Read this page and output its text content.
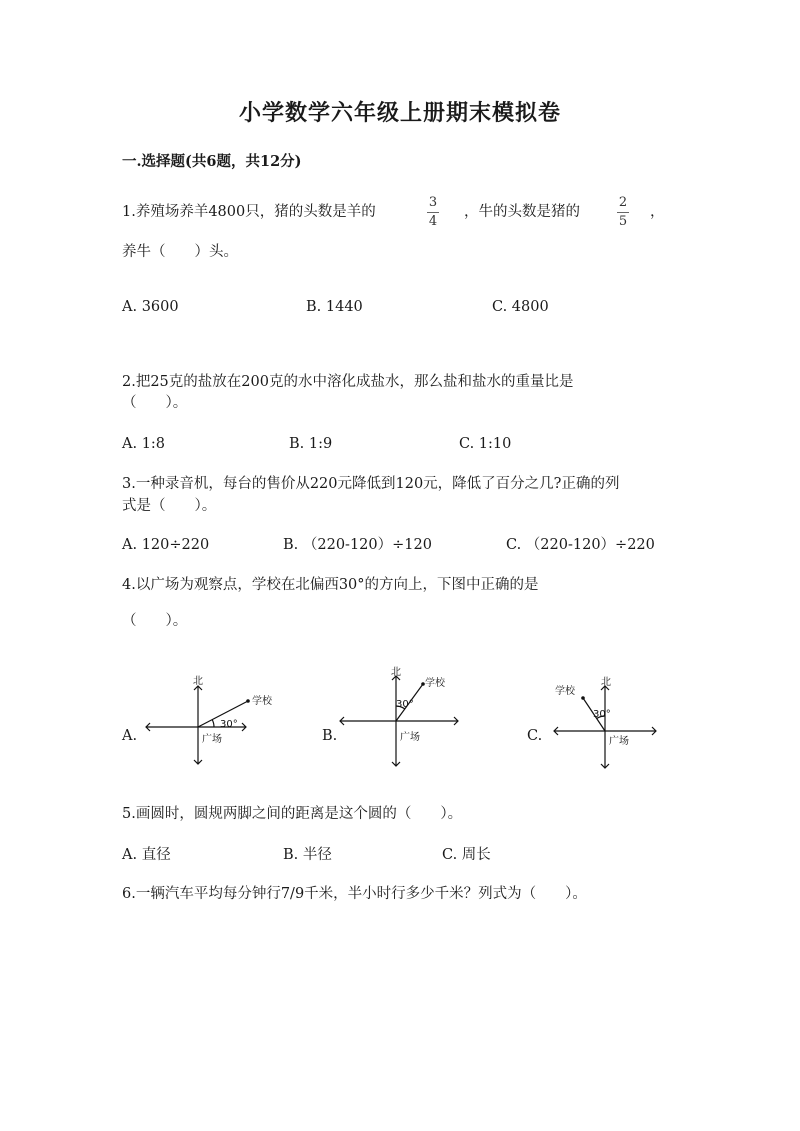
小学数学六年级上册期末模拟卷
一.选择题(共6题，共12分)
1.养殖场养羊4800只，猪的头数是羊的
3
4
，牛的头数是猪的
2
5
，
养牛（　　）头。
A. 3600	B. 1440	C. 4800
2.把25克的盐放在200克的水中溶化成盐水，那么盐和盐水的重量比是
（　　）。
A. 1:8	B. 1:9	C. 1:10
3.一种录音机，每台的售价从220元降低到120元，降低了百分之几?正确的列
式是（　　）。
A. 120÷220	B. （220-120）÷120	C. （220-120）÷220
4.以广场为观察点，学校在北偏西30°的方向上，下图中正确的是
（　　）。
A.	B.	C.
北
学校
30°
广场
北
学校
30°
广场
北
学校
30°
广场
5.画圆时，圆规两脚之间的距离是这个圆的（　　）。
A. 直径	B. 半径	C. 周长
6.一辆汽车平均每分钟行7/9千米，半小时行多少千米？列式为（　　）。
